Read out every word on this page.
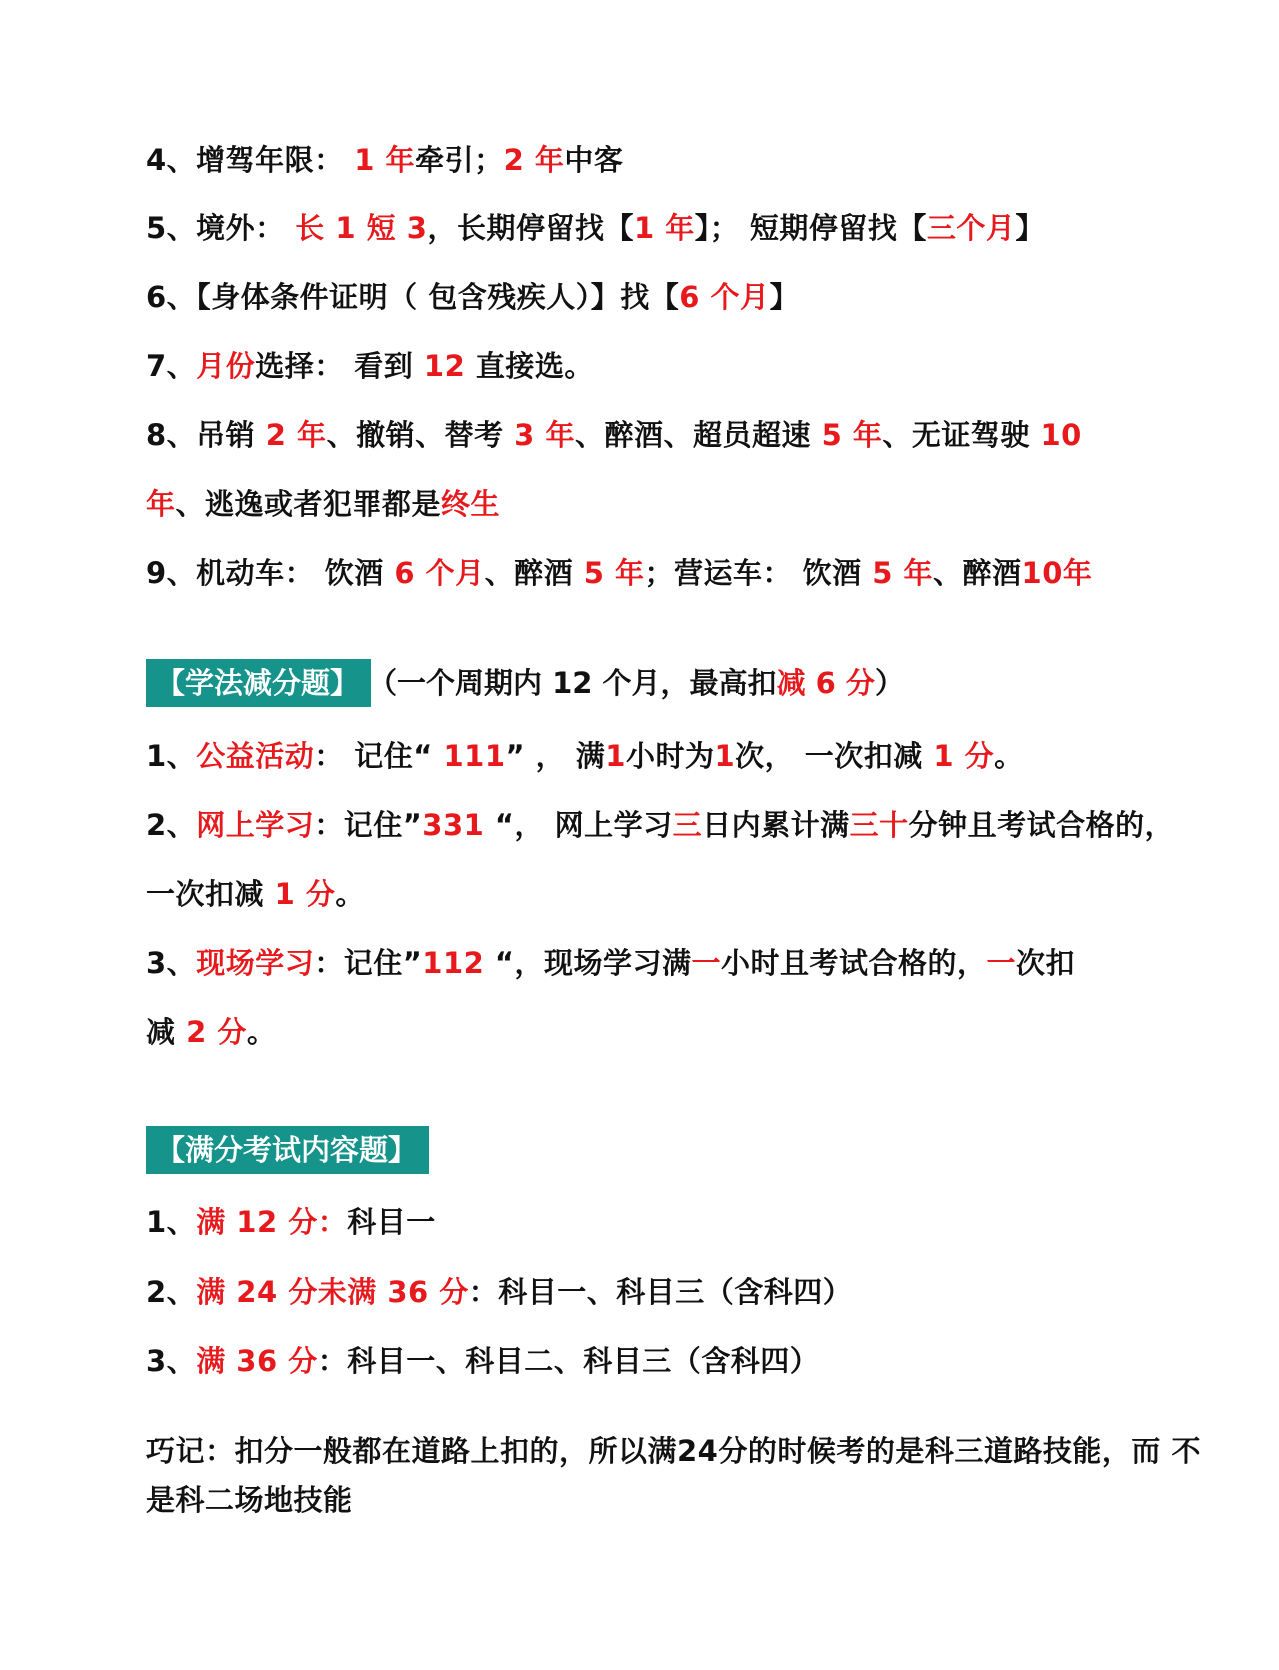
4、增驾年限： 1 年牵引；2 年中客
5、境外： 长 1 短 3，长期停留找【1 年】； 短期停留找【三个月】
6、【身体条件证明（ 包含残疾人）】找【6 个月】
7、月份选择： 看到 12 直接选。
8、吊销 2 年、撤销、替考 3 年、醉酒、超员超速 5 年、无证驾驶 10
年、逃逸或者犯罪都是终生
9、机动车： 饮酒 6 个月、醉酒 5 年；营运车： 饮酒 5 年、醉酒10年
【学法减分题】 （一个周期内 12 个月，最高扣减 6 分）
1、公益活动： 记住“ 111” ， 满1小时为1次， 一次扣减 1 分。
2、网上学习：记住”331 “， 网上学习三日内累计满三十分钟且考试合格的，
一次扣减 1 分。
3、现场学习：记住”112 “，现场学习满一小时且考试合格的，一次扣
减 2 分。
【满分考试内容题】
1、满 12 分：科目一
2、满 24 分未满 36 分：科目一、科目三（含科四）
3、满 36 分：科目一、科目二、科目三（含科四）
巧记：扣分一般都在道路上扣的，所以满24分的时候考的是科三道路技能，而 不
是科二场地技能
